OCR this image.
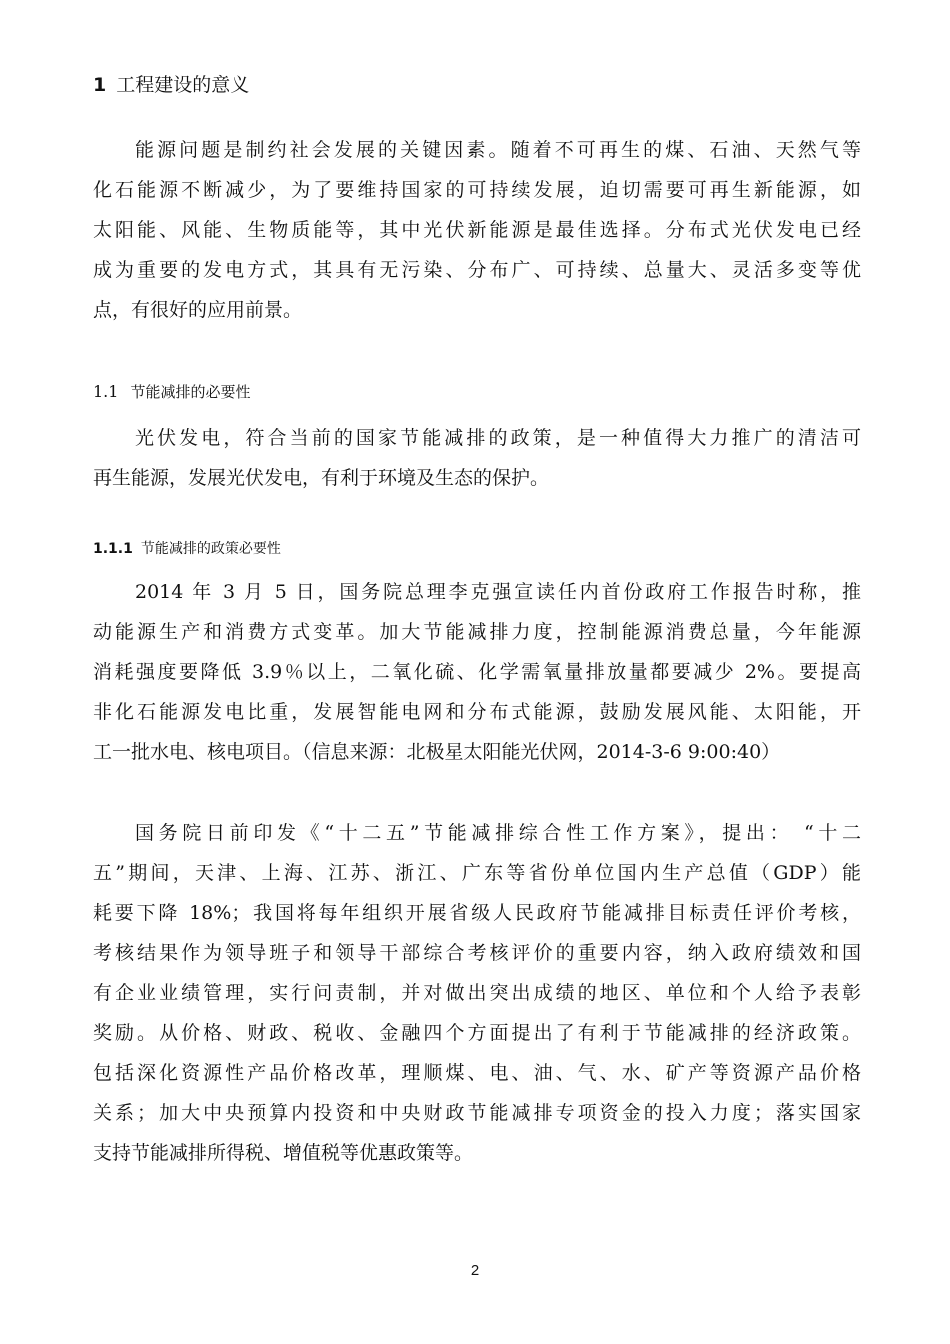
1 工程建设的意义
能源问题是制约社会发展的关键因素。随着不可再生的煤、石油、天然气等
化石能源不断减少，为了要维持国家的可持续发展，迫切需要可再生新能源，如
太阳能、风能、生物质能等，其中光伏新能源是最佳选择。分布式光伏发电已经
成为重要的发电方式，其具有无污染、分布广、可持续、总量大、灵活多变等优
点，有很好的应用前景。
1.1 节能减排的必要性
光伏发电，符合当前的国家节能减排的政策，是一种值得大力推广的清洁可
再生能源，发展光伏发电，有利于环境及生态的保护。
1.1.1 节能减排的政策必要性
2014 年 3 月 5 日，国务院总理李克强宣读任内首份政府工作报告时称，推
动能源生产和消费方式变革。加大节能减排力度，控制能源消费总量，今年能源
消耗强度要降低 3.9％以上，二氧化硫、化学需氧量排放量都要减少 2%。要提高
非化石能源发电比重，发展智能电网和分布式能源，鼓励发展风能、太阳能，开
工一批水电、核电项目。（信息来源：北极星太阳能光伏网，2014-3-6 9:00:40）
国务院日前印发《“十二五”节能减排综合性工作方案》，提出： “十二
五”期间，天津、上海、江苏、浙江、广东等省份单位国内生产总值（GDP）能
耗要下降 18%；我国将每年组织开展省级人民政府节能减排目标责任评价考核，
考核结果作为领导班子和领导干部综合考核评价的重要内容，纳入政府绩效和国
有企业业绩管理，实行问责制，并对做出突出成绩的地区、单位和个人给予表彰
奖励。从价格、财政、税收、金融四个方面提出了有利于节能减排的经济政策。
包括深化资源性产品价格改革，理顺煤、电、油、气、水、矿产等资源产品价格
关系；加大中央预算内投资和中央财政节能减排专项资金的投入力度；落实国家
支持节能减排所得税、增值税等优惠政策等。
2
